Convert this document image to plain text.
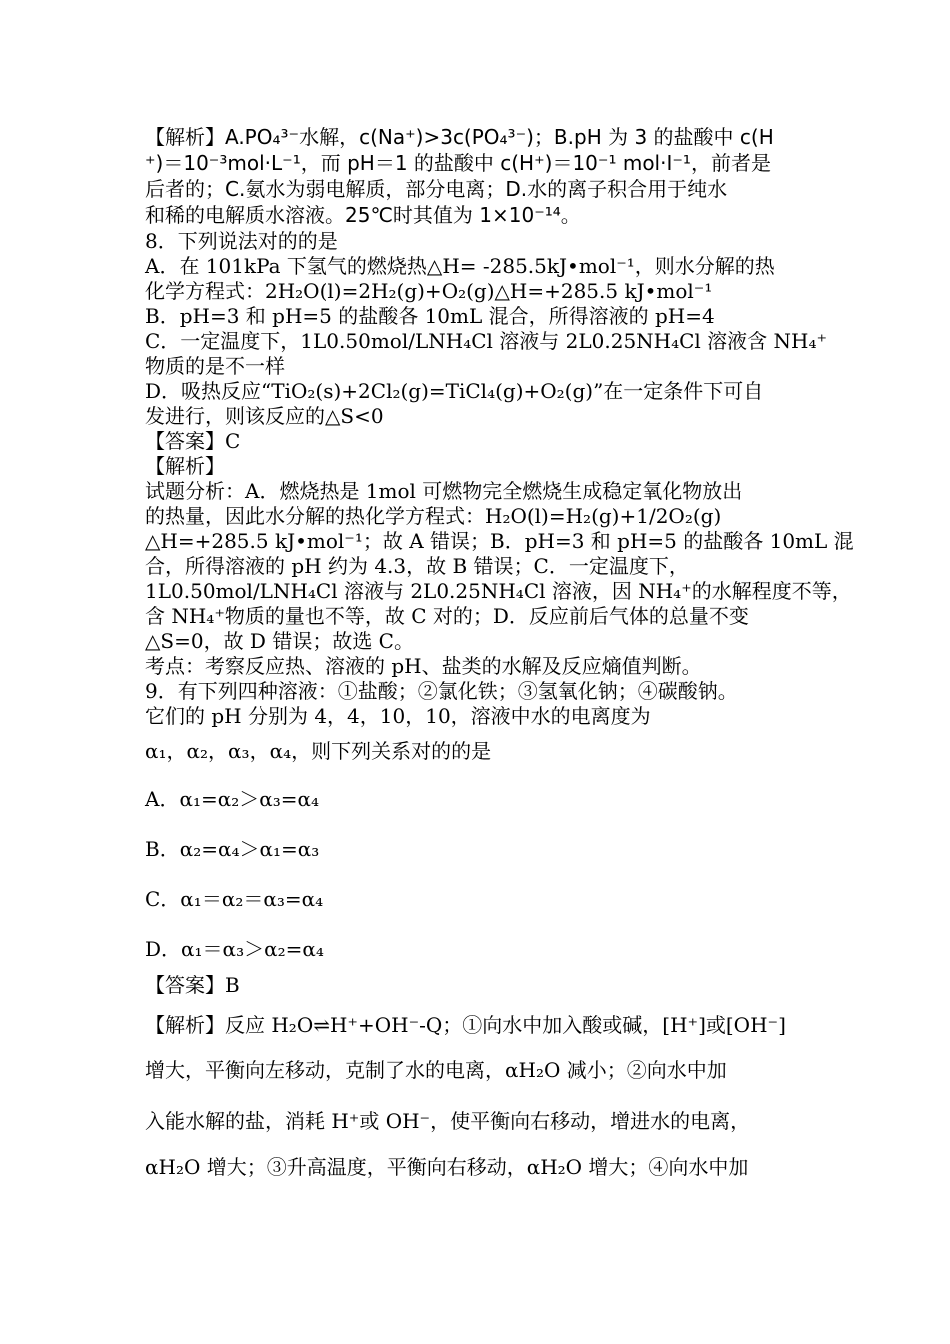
【解析】A.PO₄³⁻水解，c(Na⁺)>3c(PO₄³⁻)；B.pH 为 3 的盐酸中 c(H
⁺)＝10⁻³mol·L⁻¹，而 pH＝1 的盐酸中 c(H⁺)＝10⁻¹ mol·I⁻¹，前者是
后者的；C.氨水为弱电解质，部分电离；D.水的离子积合用于纯水
和稀的电解质水溶液。25℃时其值为 1×10⁻¹⁴。
8．下列说法对的的是
A．在 101kPa 下氢气的燃烧热△H= -285.5kJ•mol⁻¹，则水分解的热
化学方程式：2H₂O(l)=2H₂(g)+O₂(g)△H=+285.5 kJ•mol⁻¹
B．pH=3 和 pH=5 的盐酸各 10mL 混合，所得溶液的 pH=4
C．一定温度下，1L0.50mol/LNH₄Cl 溶液与 2L0.25NH₄Cl 溶液含 NH₄⁺
物质的是不一样
D．吸热反应“TiO₂(s)+2Cl₂(g)=TiCl₄(g)+O₂(g)”在一定条件下可自
发进行，则该反应的△S<0
【答案】C
【解析】
试题分析：A．燃烧热是 1mol 可燃物完全燃烧生成稳定氧化物放出
的热量，因此水分解的热化学方程式：H₂O(l)=H₂(g)+1/2O₂(g)
△H=+285.5 kJ•mol⁻¹；故 A 错误；B．pH=3 和 pH=5 的盐酸各 10mL 混
合，所得溶液的 pH 约为 4.3，故 B 错误；C．一定温度下，
1L0.50mol/LNH₄Cl 溶液与 2L0.25NH₄Cl 溶液，因 NH₄⁺的水解程度不等，
含 NH₄⁺物质的量也不等，故 C 对的；D．反应前后气体的总量不变
△S=0，故 D 错误；故选 C。
考点：考察反应热、溶液的 pH、盐类的水解及反应熵值判断。
9．有下列四种溶液：①盐酸；②氯化铁；③氢氧化钠；④碳酸钠。
它们的 pH 分别为 4，4，10，10，溶液中水的电离度为
α₁，α₂，α₃，α₄，则下列关系对的的是
A．α₁=α₂＞α₃=α₄
B．α₂=α₄＞α₁=α₃
C．α₁＝α₂＝α₃=α₄
D．α₁＝α₃＞α₂=α₄
【答案】B
【解析】反应 H₂O⇌H⁺+OH⁻-Q；①向水中加入酸或碱，[H⁺]或[OH⁻]
增大，平衡向左移动，克制了水的电离，αH₂O 减小；②向水中加
入能水解的盐，消耗 H⁺或 OH⁻，使平衡向右移动，增进水的电离，
αH₂O 增大；③升高温度，平衡向右移动，αH₂O 增大；④向水中加
